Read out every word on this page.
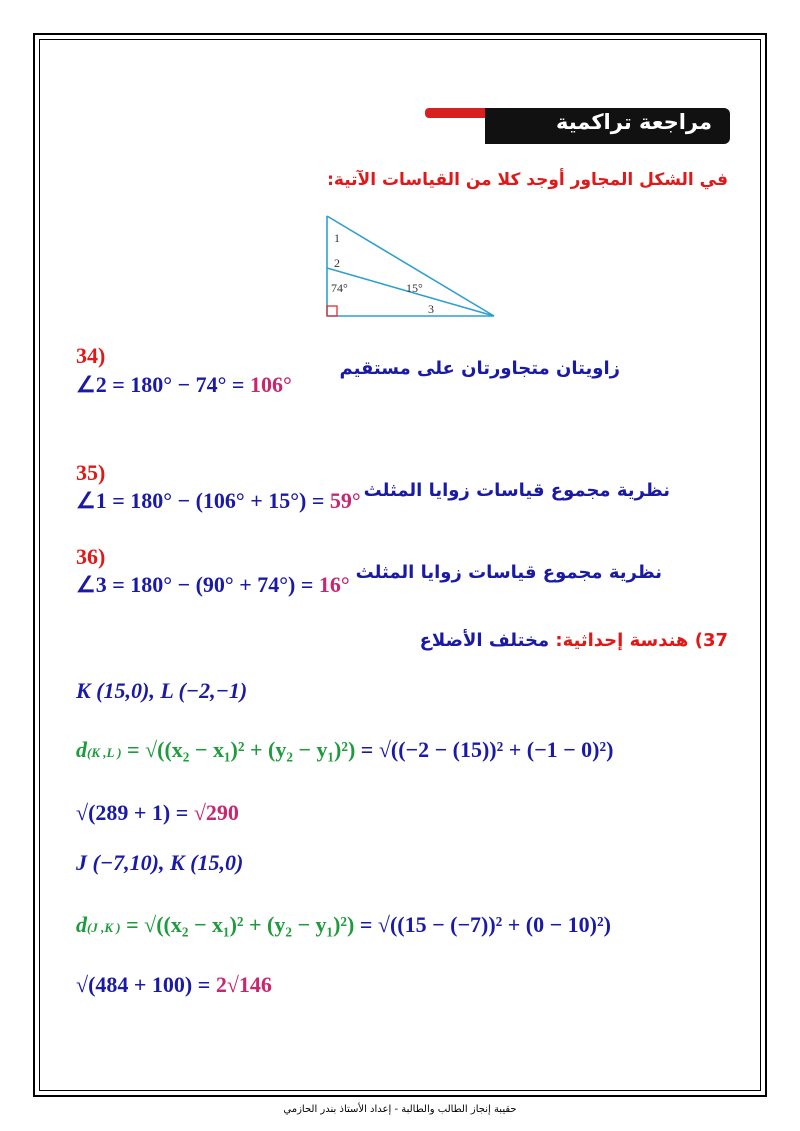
مراجعة تراكمية
في الشكل المجاور أوجد كلا من القياسات الآتية:
1
2
74°	15°
3
34)
زاويتان متجاورتان على مستقيم
∠2 = 180° − 74° = 106°
35)
نظرية مجموع قياسات زوايا المثلث
∠1 = 180° − (106° + 15°) = 59°
36)
نظرية مجموع قياسات زوايا المثلث
∠3 = 180° − (90° + 74°) = 16°
37) هندسة إحداثية: مختلف الأضلاع
K (15,0), L (−2,−1)
d(K ,L ) = √((x₂ − x₁)² + (y₂ − y₁)²) = √((−2 − (15))² + (−1 − 0)²)
√(289 + 1) = √290
J (−7,10), K (15,0)
d(J ,K ) = √((x₂ − x₁)² + (y₂ − y₁)²) = √((15 − (−7))² + (0 − 10)²)
√(484 + 100) = 2√146
حقيبة إنجاز الطالب والطالبة - إعداد الأستاذ بندر الحازمي
